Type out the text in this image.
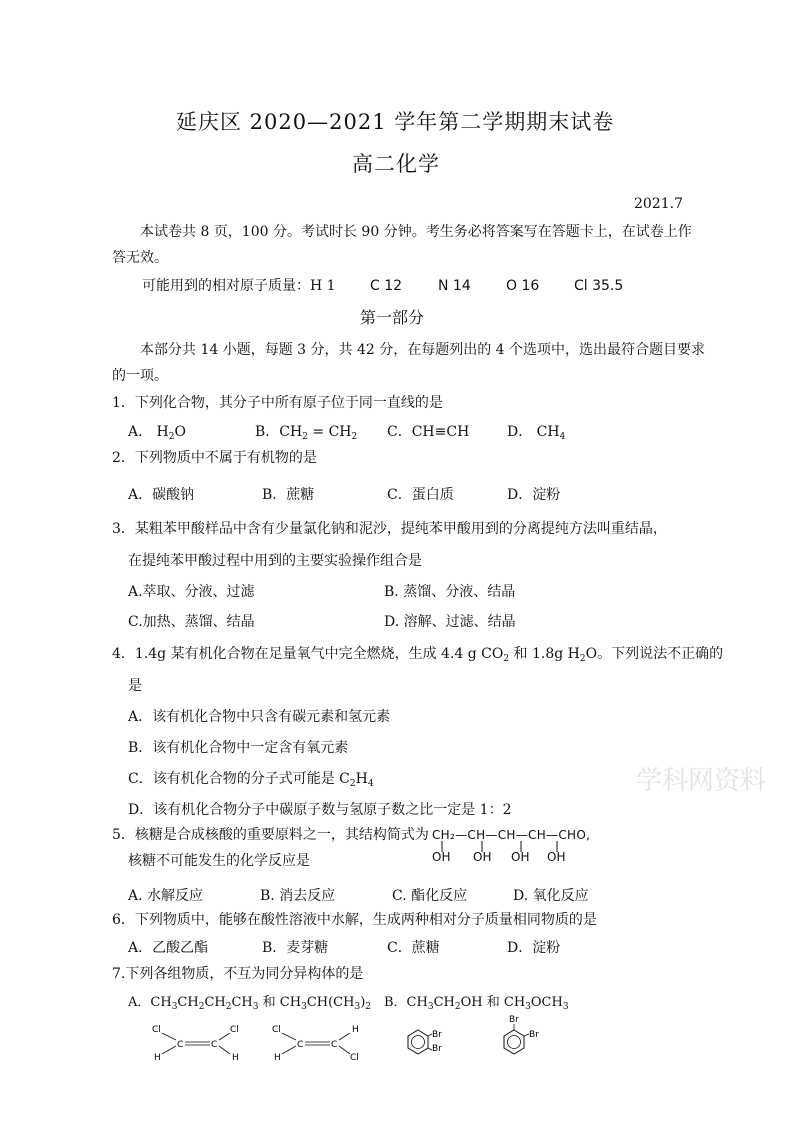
延庆区 2020—2021 学年第二学期期末试卷
高二化学
2021.7
本试卷共 8 页，100 分。考试时长 90 分钟。考生务必将答案写在答题卡上，在试卷上作
答无效。
可能用到的相对原子质量：H 1 C 12	N 14	O 16 Cl 35.5
第一部分
本部分共 14 小题，每题 3 分，共 42 分，在每题列出的 4 个选项中，选出最符合题目要求
的一项。
1．下列化合物，其分子中所有原子位于同一直线的是
A． $H_2O$	B．$CH_2 = CH_2$ C．CH≡CH	D． $CH_4$
2．下列物质中不属于有机物的是
A．碳酸钠	B．蔗糖	C．蛋白质	D．淀粉
3．某粗苯甲酸样品中含有少量氯化钠和泥沙，提纯苯甲酸用到的分离提纯方法叫重结晶，
在提纯苯甲酸过程中用到的主要实验操作组合是
A.萃取、分液、过滤	B. 蒸馏、分液、结晶
C.加热、蒸馏、结晶	D. 溶解、过滤、结晶
4．1.4g 某有机化合物在足量氧气中完全燃烧，生成 4.4 g $CO_2$ 和 1.8g $H_2O$。下列说法不正确的
是
A．该有机化合物中只含有碳元素和氢元素
B．该有机化合物中一定含有氧元素
C．该有机化合物的分子式可能是 $C_2H_4$
D．该有机化合物分子中碳原子数与氢原子数之比一定是 1：2
5．核糖是合成核酸的重要原料之一，其结构简式为
核糖不可能发生的化学反应是
CH₂—CH—CH—CH—CHO,
OH OH OH OH
A. 水解反应	B. 消去反应	C. 酯化反应	D. 氧化反应
6．下列物质中，能够在酸性溶液中水解，生成两种相对分子质量相同物质的是
A．乙酸乙酯	B．麦芽糖	C．蔗糖	D．淀粉
7.下列各组物质，不互为同分异构体的是
A．$CH_3CH_2CH_2CH_3$ 和 $CH_3CH(CH_3)_2$ B．$CH_3CH_2OH$ 和 $CH_3OCH_3$
Cl	Cl
H	H
C	C
Cl	H
H	Cl
C	C
Br
Br
Br
Br
学科网资料
